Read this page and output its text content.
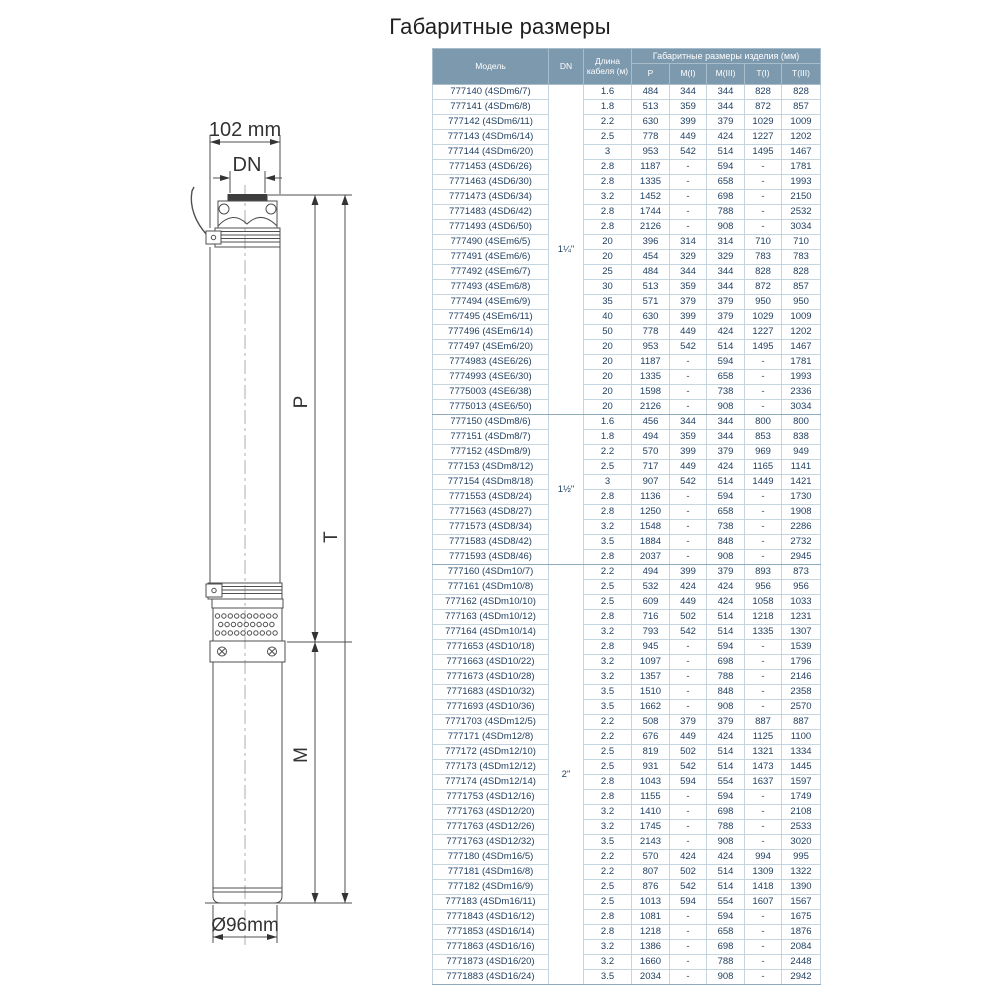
Габаритные размеры
102 mm
DN
P
T
M
Ø96mm
Модель	DN	Длина кабеля (м)	Габаритные размеры изделия (мм)				
			P	M(I)	M(III)	T(I)	T(III)
777140 (4SDm6/7)	1¼"	1.6	484	344	344	828	828
777141 (4SDm6/8)		1.8	513	359	344	872	857
777142 (4SDm6/11)		2.2	630	399	379	1029	1009
777143 (4SDm6/14)		2.5	778	449	424	1227	1202
777144 (4SDm6/20)		3	953	542	514	1495	1467
7771453 (4SD6/26)		2.8	1187	-	594	-	1781
7771463 (4SD6/30)		2.8	1335	-	658	-	1993
7771473 (4SD6/34)		3.2	1452	-	698	-	2150
7771483 (4SD6/42)		2.8	1744	-	788	-	2532
7771493 (4SD6/50)		2.8	2126	-	908	-	3034
777490 (4SEm6/5)		20	396	314	314	710	710
777491 (4SEm6/6)		20	454	329	329	783	783
777492 (4SEm6/7)		25	484	344	344	828	828
777493 (4SEm6/8)		30	513	359	344	872	857
777494 (4SEm6/9)		35	571	379	379	950	950
777495 (4SEm6/11)		40	630	399	379	1029	1009
777496 (4SEm6/14)		50	778	449	424	1227	1202
777497 (4SEm6/20)		20	953	542	514	1495	1467
7774983 (4SE6/26)		20	1187	-	594	-	1781
7774993 (4SE6/30)		20	1335	-	658	-	1993
7775003 (4SE6/38)		20	1598	-	738	-	2336
7775013 (4SE6/50)		20	2126	-	908	-	3034
777150 (4SDm8/6)	1½"	1.6	456	344	344	800	800
777151 (4SDm8/7)		1.8	494	359	344	853	838
777152 (4SDm8/9)		2.2	570	399	379	969	949
777153 (4SDm8/12)		2.5	717	449	424	1165	1141
777154 (4SDm8/18)		3	907	542	514	1449	1421
7771553 (4SD8/24)		2.8	1136	-	594	-	1730
7771563 (4SD8/27)		2.8	1250	-	658	-	1908
7771573 (4SD8/34)		3.2	1548	-	738	-	2286
7771583 (4SD8/42)		3.5	1884	-	848	-	2732
7771593 (4SD8/46)		2.8	2037	-	908	-	2945
777160 (4SDm10/7)	2"	2.2	494	399	379	893	873
777161 (4SDm10/8)		2.5	532	424	424	956	956
777162 (4SDm10/10)		2.5	609	449	424	1058	1033
777163 (4SDm10/12)		2.8	716	502	514	1218	1231
777164 (4SDm10/14)		3.2	793	542	514	1335	1307
7771653 (4SD10/18)		2.8	945	-	594	-	1539
7771663 (4SD10/22)		3.2	1097	-	698	-	1796
7771673 (4SD10/28)		3.2	1357	-	788	-	2146
7771683 (4SD10/32)		3.5	1510	-	848	-	2358
7771693 (4SD10/36)		3.5	1662	-	908	-	2570
7771703 (4SDm12/5)		2.2	508	379	379	887	887
777171 (4SDm12/8)		2.2	676	449	424	1125	1100
777172 (4SDm12/10)		2.5	819	502	514	1321	1334
777173 (4SDm12/12)		2.5	931	542	514	1473	1445
777174 (4SDm12/14)		2.8	1043	594	554	1637	1597
7771753 (4SD12/16)		2.8	1155	-	594	-	1749
7771763 (4SD12/20)		3.2	1410	-	698	-	2108
7771763 (4SD12/26)		3.2	1745	-	788	-	2533
7771763 (4SD12/32)		3.5	2143	-	908	-	3020
777180 (4SDm16/5)		2.2	570	424	424	994	995
777181 (4SDm16/8)		2.2	807	502	514	1309	1322
777182 (4SDm16/9)		2.5	876	542	514	1418	1390
777183 (4SDm16/11)		2.5	1013	594	554	1607	1567
7771843 (4SD16/12)		2.8	1081	-	594	-	1675
7771853 (4SD16/14)		2.8	1218	-	658	-	1876
7771863 (4SD16/16)		3.2	1386	-	698	-	2084
7771873 (4SD16/20)		3.2	1660	-	788	-	2448
7771883 (4SD16/24)		3.5	2034	-	908	-	2942
